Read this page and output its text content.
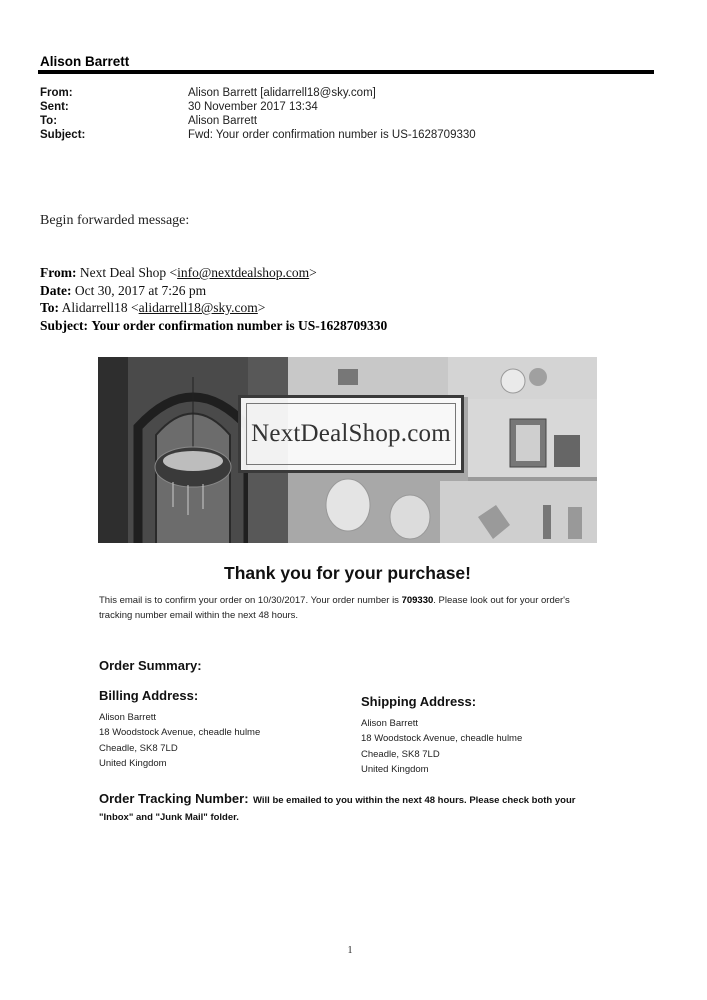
Alison Barrett
From:	Alison Barrett [alidarrell18@sky.com]
Sent:	30 November 2017 13:34
To:	Alison Barrett
Subject:	Fwd: Your order confirmation number is US-1628709330
Begin forwarded message:
From: Next Deal Shop <info@nextdealshop.com>
Date: Oct 30, 2017 at 7:26 pm
To: Alidarrell18 <alidarrell18@sky.com>
Subject: Your order confirmation number is US-1628709330
NextDealShop.com
Thank you for your purchase!
This email is to confirm your order on 10/30/2017. Your order number is 709330. Please look out for your order's tracking number email within the next 48 hours.
Order Summary:
Billing Address:
Alison Barrett
18 Woodstock Avenue, cheadle hulme
Cheadle, SK8 7LD
United Kingdom
Shipping Address:
Alison Barrett
18 Woodstock Avenue, cheadle hulme
Cheadle, SK8 7LD
United Kingdom
Order Tracking Number: Will be emailed to you within the next 48 hours. Please check both your "Inbox" and "Junk Mail" folder.
1
